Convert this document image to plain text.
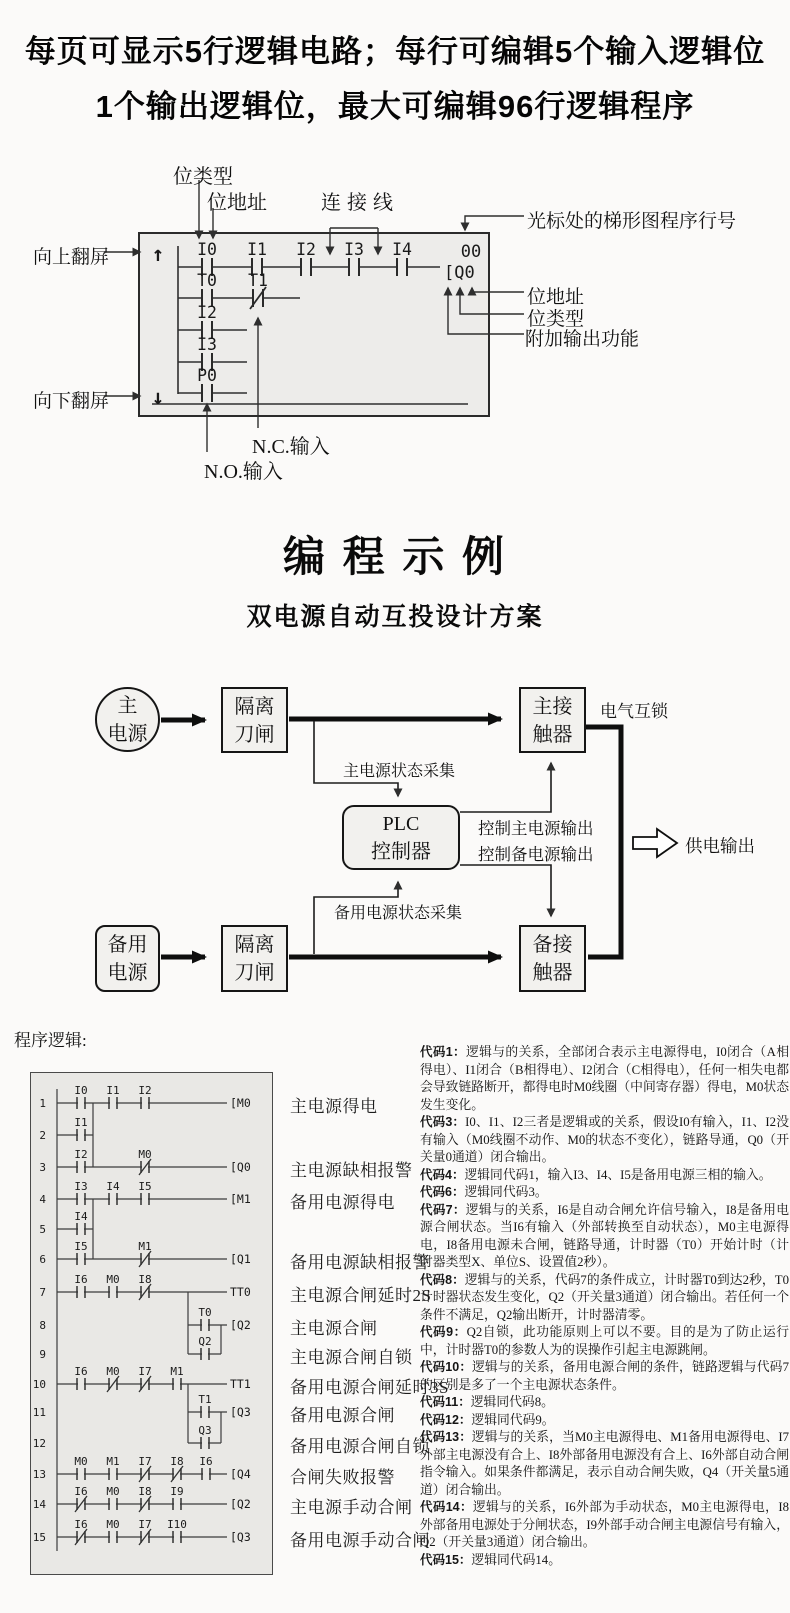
每页可显示5行逻辑电路；每行可编辑5个输入逻辑位
1个输出逻辑位，最大可编辑96行逻辑程序
主
电源
隔离
刀闸
主接
触器
PLC
控制器
备用
电源
隔离
刀闸
备接
触器
I0 I1 I2 I3 I4
T0 T1
I2
I3
P0
00
[Q0
↑
↓
1
I0 I1 I2
[M0
2
I1
3
I2	M0
[Q0
4
I3 I4 I5
[M1
5
I4
6
I5	M1
[Q1
7
I6 M0 I8
TT0
8
T0
[Q2
9
Q2
10
I6 M0 I7 M1
TT1
11
T1
[Q3
12
Q3
13
M0 M1 I7 I8 I6
[Q4
14
I6 M0 I8 I9
[Q2
15
I6 M0 I7 I10
[Q3
位类型
位地址	连接线
光标处的梯形图程序行号
向上翻屏
向下翻屏
位地址
位类型
附加输出功能
N.C.输入
N.O.输入
编 程 示 例
双电源自动互投设计方案
电气互锁
主电源状态采集
控制主电源输出
控制备电源输出
备用电源状态采集
供电输出
程序逻辑:

代码1：逻辑与的关系，全部闭合表示主电源得电，I0闭合（A相得电）、I1闭合（B相得电）、I2闭合（C相得电），任何一相失电都会导致链路断开，都得电时M0线圈（中间寄存器）得电，M0状态发生变化。

代码3：I0、I1、I2三者是逻辑或的关系，假设I0有输入，I1、I2没有输入（M0线圈不动作、M0的状态不变化），链路导通，Q0（开关量0通道）闭合输出。

代码4：逻辑同代码1，输入I3、I4、I5是备用电源三相的输入。

代码6：逻辑同代码3。

代码7：逻辑与的关系，I6是自动合闸允许信号输入，I8是备用电源合闸状态。当I6有输入（外部转换至自动状态），M0主电源得电，I8备用电源未合闸，链路导通，计时器（T0）开始计时（计时器类型X、单位S、设置值2秒）。

代码8：逻辑与的关系，代码7的条件成立，计时器T0到达2秒，T0计时器状态发生变化，Q2（开关量3通道）闭合输出。若任何一个条件不满足，Q2输出断开，计时器清零。

代码9：Q2自锁，此功能原则上可以不要。目的是为了防止运行中，计时器T0的参数人为的误操作引起主电源跳闸。

代码10：逻辑与的关系，备用电源合闸的条件，链路逻辑与代码7的区别是多了一个主电源状态条件。

代码11：逻辑同代码8。

代码12：逻辑同代码9。

代码13：逻辑与的关系，当M0主电源得电、M1备用电源得电、I7外部主电源没有合上、I8外部备用电源没有合上、I6外部自动合闸指令输入。如果条件都满足，表示自动合闸失败，Q4（开关量5通道）闭合输出。

代码14：逻辑与的关系，I6外部为手动状态，M0主电源得电，I8外部备用电源处于分闸状态，I9外部手动合闸主电源信号有输入，Q2（开关量3通道）闭合输出。

代码15：逻辑同代码14。

主电源得电
主电源缺相报警
备用电源得电
备用电源缺相报警
主电源合闸延时2S
主电源合闸
主电源合闸自锁
备用电源合闸延时3S
备用电源合闸
备用电源合闸自锁
合闸失败报警
主电源手动合闸
备用电源手动合闸
